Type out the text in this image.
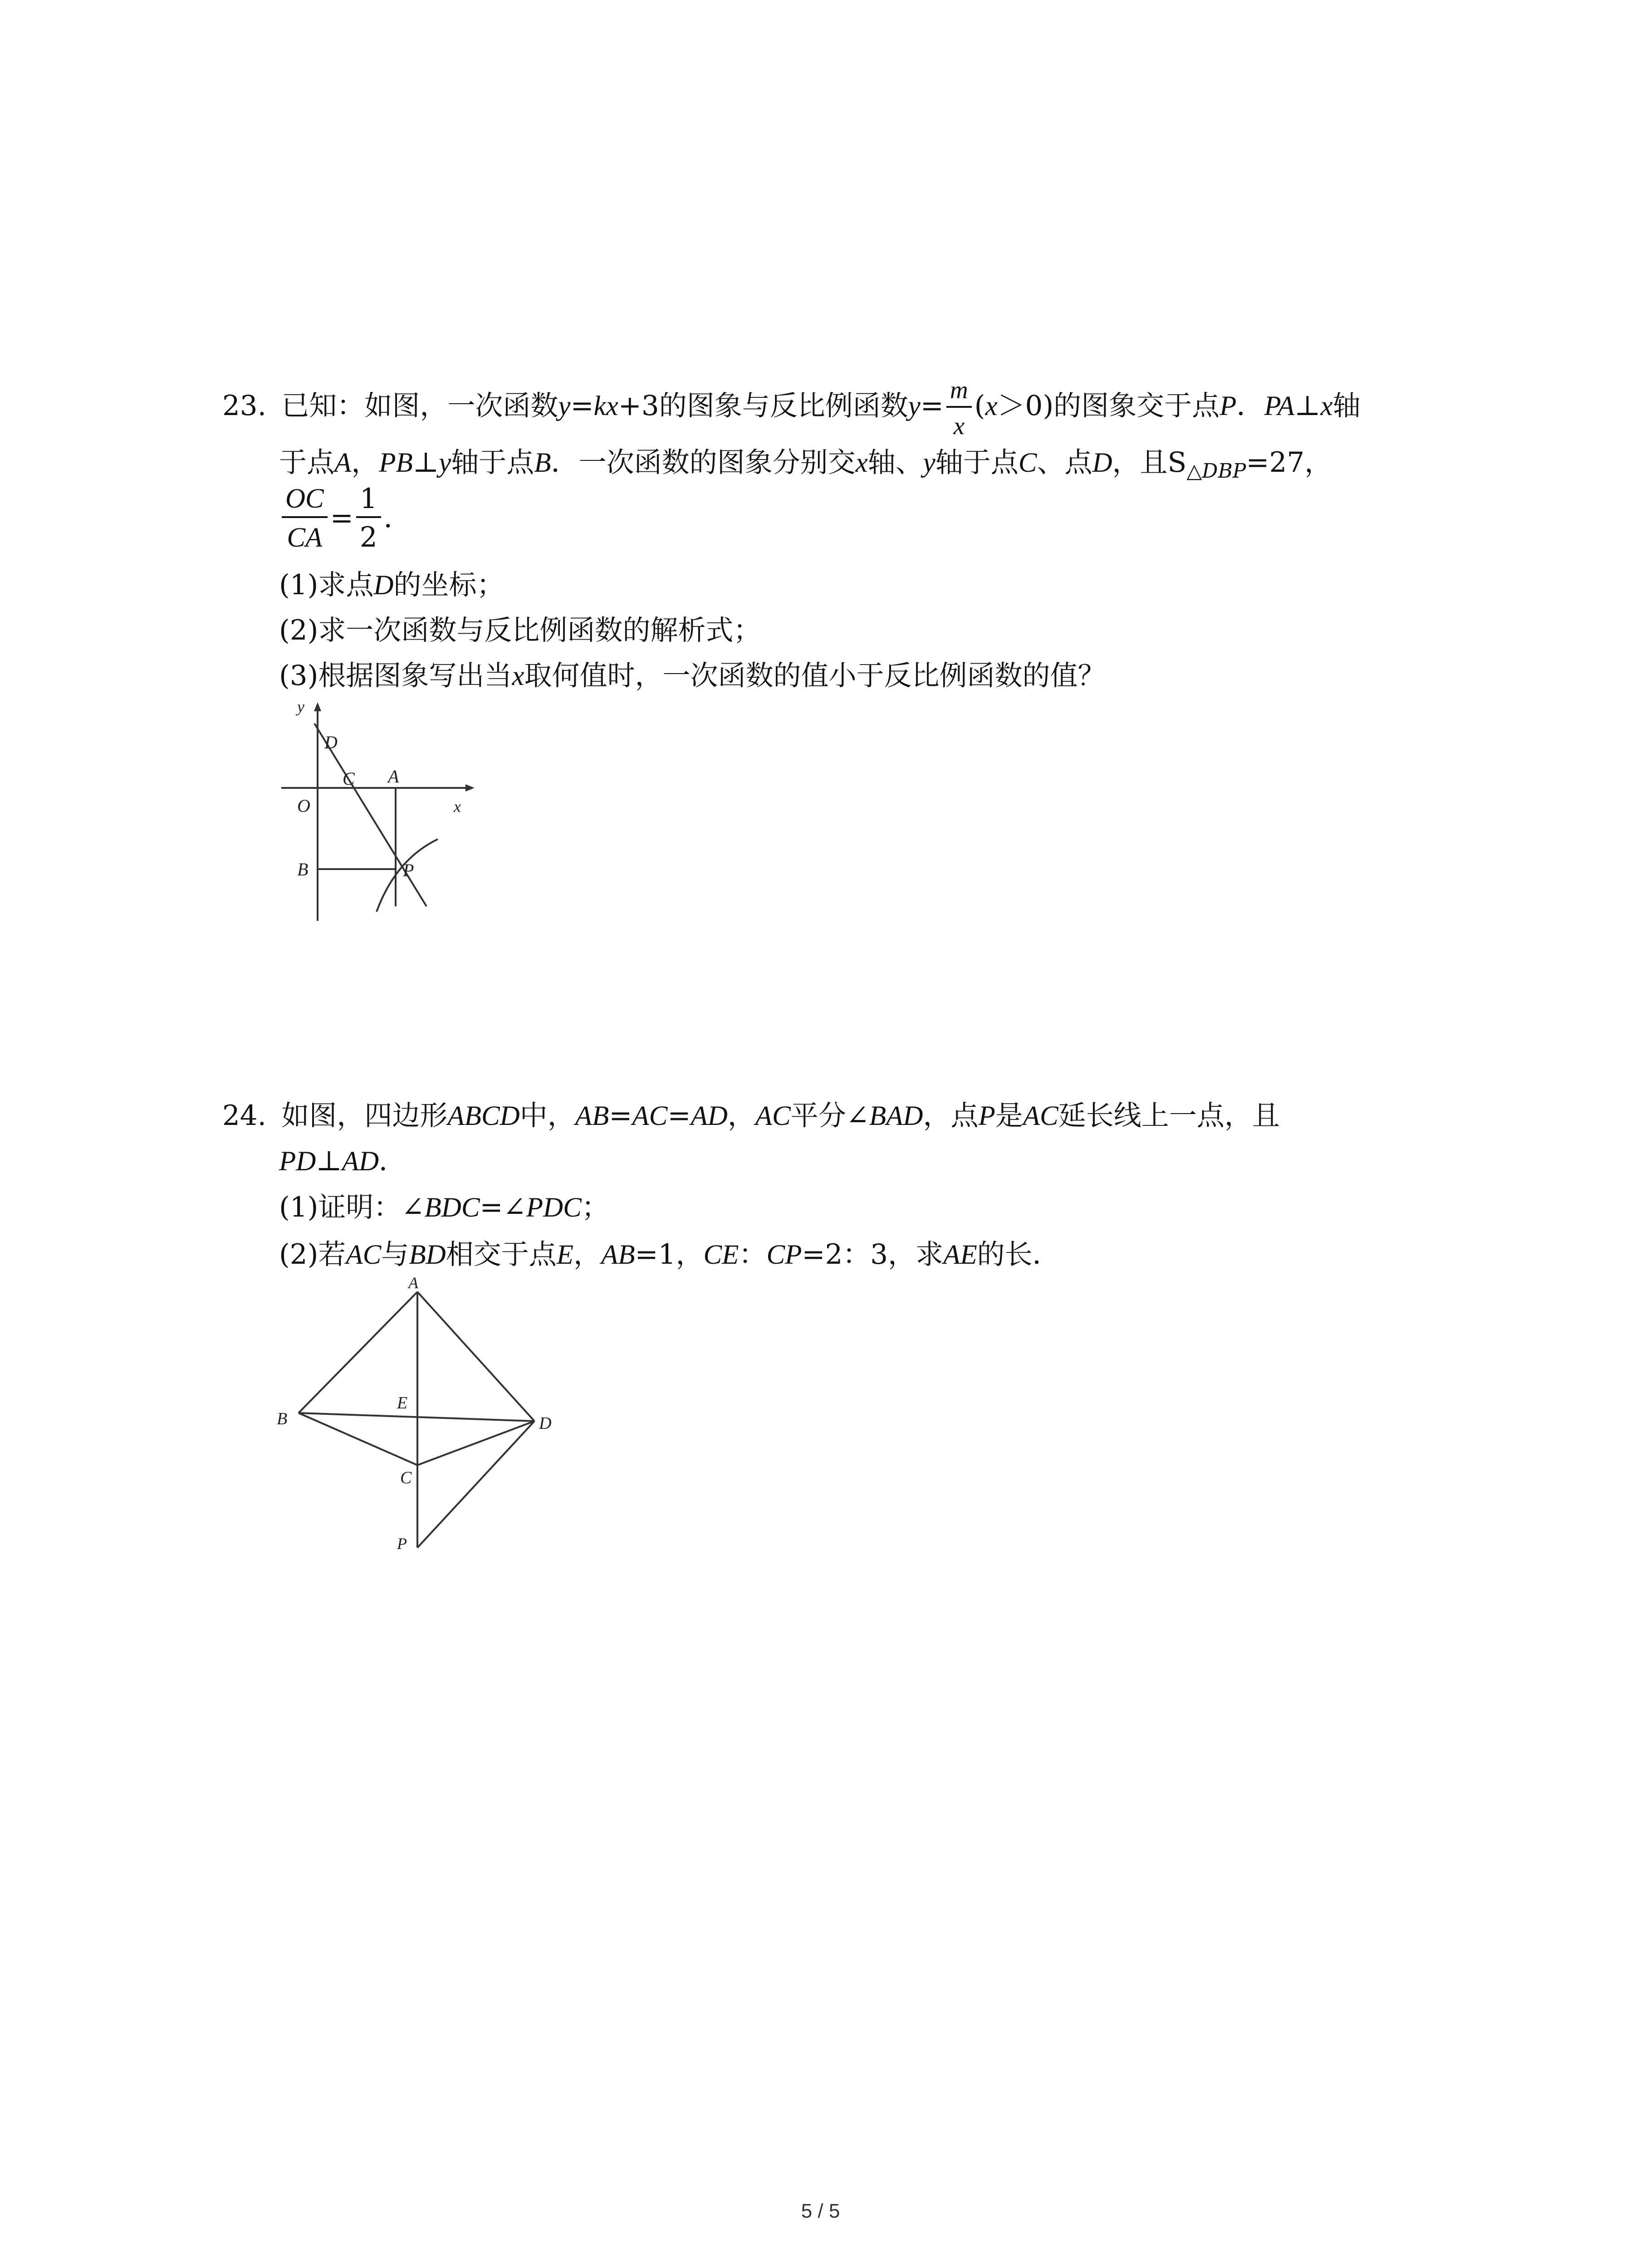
23. 已知：如图，一次函数y=kx+3的图象与反比例函数$y= \frac{m}{x} (x>0)$的图象交于点P．PA⊥x轴
于点A，PB⊥y轴于点B．一次函数的图象分别交x轴、y轴于点C、点D，且$S_{\triangle DBP}=27$，
$\frac{OC}{CA} = \frac{1}{2}$ ．
(1)求点D的坐标；
(2)求一次函数与反比例函数的解析式；
(3)根据图象写出当x取何值时，一次函数的值小于反比例函数的值？
y
D
C A
O	x
B	P
24. 如图，四边形ABCD中，AB=AC=AD，AC平分∠BAD，点P是AC延长线上一点，且
PD⊥AD．
(1)证明：∠BDC=∠PDC；
(2)若AC与BD相交于点E，AB=1，CE：CP=2：3，求AE的长．
A
B
E
D
C
P
5 / 5
